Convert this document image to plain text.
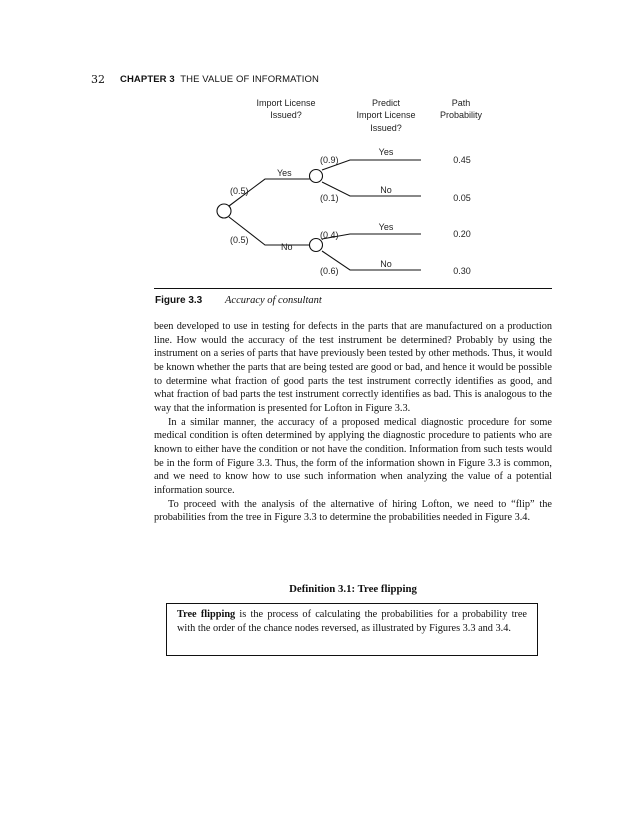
32 CHAPTER 3 THE VALUE OF INFORMATION
Import License
Issued?
Predict
Import License
Issued?
Path
Probability
(0.5)
(0.5)
Yes
No
(0.9)
(0.1)
(0.4)
(0.6)
Yes
No
Yes
No
0.45
0.05
0.20
0.30
Figure 3.3 Accuracy of consultant

been developed to use in testing for defects in the parts that are manufactured on a production line. How would the accuracy of the test instrument be determined? Probably by using the instrument on a series of parts that have previously been tested by other methods. Thus, it would be known whether the parts that are being tested are good or bad, and hence it would be possible to determine what fraction of good parts the test instrument correctly identifies as good, and what fraction of bad parts the test instrument correctly identifies as bad. This is analogous to the way that the information is presented for Lofton in Figure 3.3.

In a similar manner, the accuracy of a proposed medical diagnostic procedure for some medical condition is often determined by applying the diagnostic procedure to patients who are known to either have the condition or not have the condition. Information from such tests would be in the form of Figure 3.3. Thus, the form of the information shown in Figure 3.3 is common, and we need to know how to use such information when analyzing the value of a potential information source.

To proceed with the analysis of the alternative of hiring Lofton, we need to “flip” the probabilities from the tree in Figure 3.3 to determine the probabilities needed in Figure 3.4.

Definition 3.1: Tree flipping
Tree flipping is the process of calculating the probabilities for a probability tree with the order of the chance nodes reversed, as illustrated by Figures 3.3 and 3.4.
